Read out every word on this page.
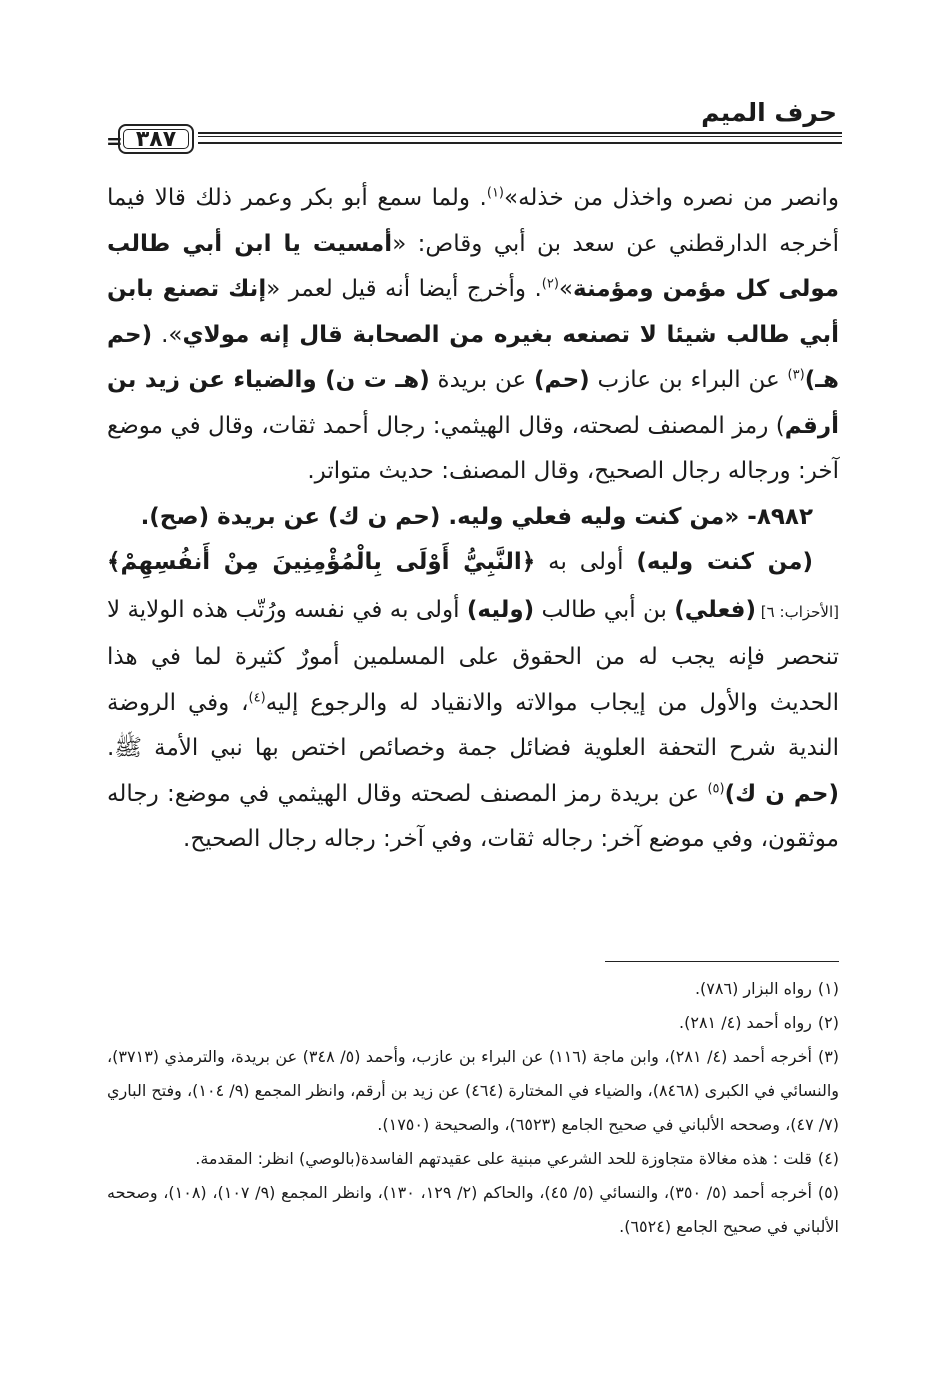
حرف الميم
= ٣٨٧

وانصر من نصره واخذل من خذله»$^{(١)}$. ولما سمع أبو بكر وعمر ذلك قالا فيما أخرجه الدارقطني عن سعد بن أبي وقاص: «أمسيت يا ابن أبي طالب مولى كل مؤمن ومؤمنة»$^{(٢)}$. وأخرج أيضا أنه قيل لعمر «إنك تصنع بابن أبي طالب شيئا لا تصنعه بغيره من الصحابة قال إنه مولاي». (حم هـ)$^{(٣)}$ عن البراء بن عازب (حم) عن بريدة (هـ ت ن) والضياء عن زيد بن أرقم) رمز المصنف لصحته، وقال الهيثمي: رجال أحمد ثقات، وقال في موضع آخر: ورجاله رجال الصحيح، وقال المصنف: حديث متواتر.

٨٩٨٢- «من كنت وليه فعلي وليه. (حم ن ك) عن بريدة (صح).

(من كنت وليه) أولى به ﴿النَّبِيُّ أَوْلَى بِالْمُؤْمِنِينَ مِنْ أَنفُسِهِمْ﴾ [الأحزاب: ٦] (فعلي) بن أبي طالب (وليه) أولى به في نفسه ورُتّب هذه الولاية لا تنحصر فإنه يجب له من الحقوق على المسلمين أمورٌ كثيرة لما في هذا الحديث والأول من إيجاب موالاته والانقياد له والرجوع إليه$^{(٤)}$، وفي الروضة الندية شرح التحفة العلوية فضائل جمة وخصائص اختص بها نبي الأمة ﷺ. (حم ن ك)$^{(٥)}$ عن بريدة رمز المصنف لصحته وقال الهيثمي في موضع: رجاله موثقون، وفي موضع آخر: رجاله ثقات، وفي آخر: رجاله رجال الصحيح.

(١)رواه البزار (٧٨٦).

(٢)رواه أحمد (٤/ ٢٨١).

(٣)أخرجه أحمد (٤/ ٢٨١)، وابن ماجة (١١٦) عن البراء بن عازب، وأحمد (٥/ ٣٤٨) عن بريدة، والترمذي (٣٧١٣)، والنسائي في الكبرى (٨٤٦٨)، والضياء في المختارة (٤٦٤) عن زيد بن أرقم، وانظر المجمع (٩/ ١٠٤)، وفتح الباري (٧/ ٤٧)، وصححه الألباني في صحيح الجامع (٦٥٢٣)، والصحيحة (١٧٥٠).

(٤)قلت : هذه مغالاة متجاوزة للحد الشرعي مبنية على عقيدتهم الفاسدة(بالوصي) انظر: المقدمة.

(٥)أخرجه أحمد (٥/ ٣٥٠)، والنسائي (٥/ ٤٥)، والحاكم (٢/ ١٢٩، ١٣٠)، وانظر المجمع (٩/ ١٠٧)، (١٠٨)، وصححه الألباني في صحيح الجامع (٦٥٢٤).
